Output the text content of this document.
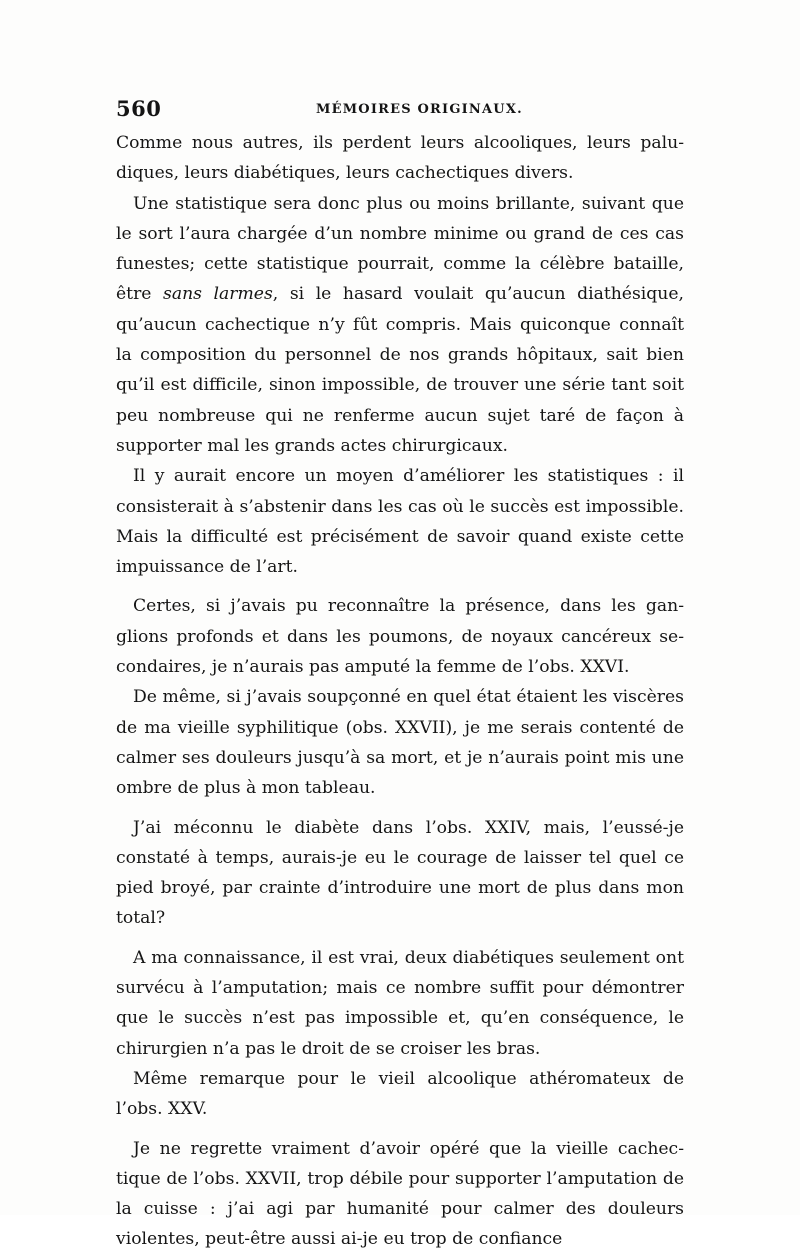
560	MÉMOIRES ORIGINAUX.

Comme nous autres, ils perdent leurs alcooliques, leurs paludiques, leurs diabétiques, leurs cachectiques divers.

Une statistique sera donc plus ou moins brillante, suivant que le sort l’aura chargée d’un nombre minime ou grand de ces cas funestes; cette statistique pourrait, comme la célèbre bataille, être sans larmes, si le hasard voulait qu’aucun diathésique, qu’aucun cachectique n’y fût compris. Mais quiconque connaît la composition du personnel de nos grands hôpitaux, sait bien qu’il est difficile, sinon impossible, de trouver une série tant soit peu nombreuse qui ne renferme aucun sujet taré de façon à supporter mal les grands actes chirurgicaux.

Il y aurait encore un moyen d’améliorer les statistiques : il consisterait à s’abstenir dans les cas où le succès est impossible. Mais la difficulté est précisément de savoir quand existe cette impuissance de l’art.

Certes, si j’avais pu reconnaître la présence, dans les ganglions profonds et dans les poumons, de noyaux cancéreux secondaires, je n’aurais pas amputé la femme de l’obs. XXVI.

De même, si j’avais soupçonné en quel état étaient les viscères de ma vieille syphilitique (obs. XXVII), je me serais contenté de calmer ses douleurs jusqu’à sa mort, et je n’aurais point mis une ombre de plus à mon tableau.

J’ai méconnu le diabète dans l’obs. XXIV, mais, l’eussé-je constaté à temps, aurais-je eu le courage de laisser tel quel ce pied broyé, par crainte d’introduire une mort de plus dans mon total?

A ma connaissance, il est vrai, deux diabétiques seulement ont survécu à l’amputation; mais ce nombre suffit pour démontrer que le succès n’est pas impossible et, qu’en conséquence, le chirurgien n’a pas le droit de se croiser les bras.

Même remarque pour le vieil alcoolique athéromateux de l’obs. XXV.

Je ne regrette vraiment d’avoir opéré que la vieille cachectique de l’obs. XXVII, trop débile pour supporter l’amputation de la cuisse : j’ai agi par humanité pour calmer des douleurs violentes, peut-être aussi ai-je eu trop de confiance
